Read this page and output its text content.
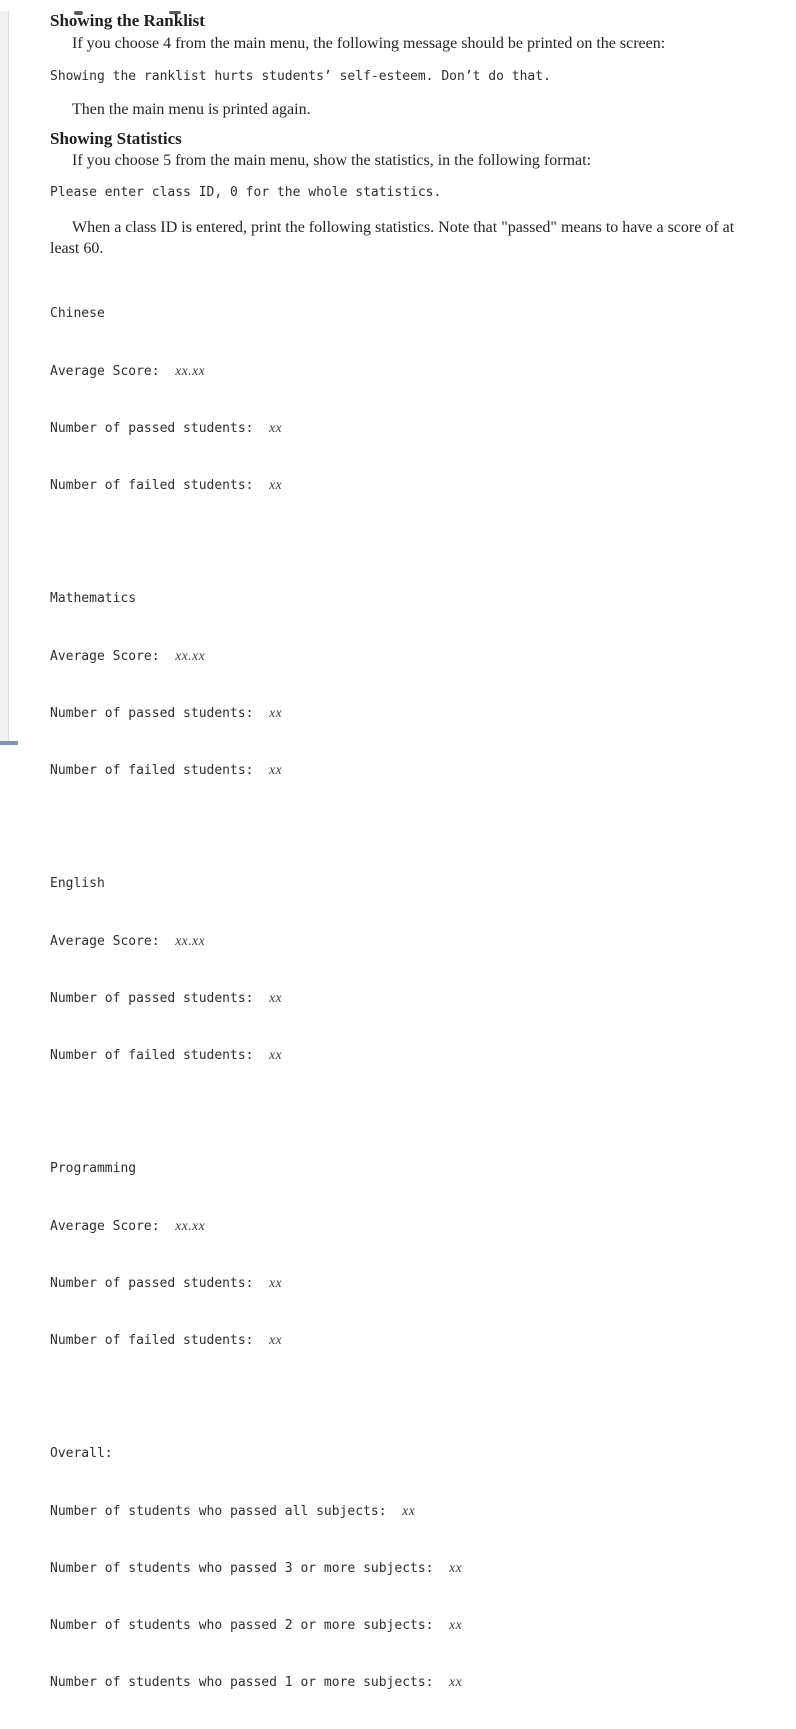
Showing the Ranklist

If you choose 4 from the main menu, the following message should be printed on the screen:

Showing the ranklist hurts students’ self-esteem. Don’t do that.

Then the main menu is printed again.

Showing Statistics

If you choose 5 from the main menu, show the statistics, in the following format:

Please enter class ID, 0 for the whole statistics.

When a class ID is entered, print the following statistics. Note that "passed" means to have a score of at least 60.

Chinese

Average Score:  xx.xx

Number of passed students:  xx

Number of failed students:  xx

Mathematics

Average Score:  xx.xx

Number of passed students:  xx

Number of failed students:  xx

English

Average Score:  xx.xx

Number of passed students:  xx

Number of failed students:  xx

Programming

Average Score:  xx.xx

Number of passed students:  xx

Number of failed students:  xx

Overall:

Number of students who passed all subjects:  xx

Number of students who passed 3 or more subjects:  xx

Number of students who passed 2 or more subjects:  xx

Number of students who passed 1 or more subjects:  xx
